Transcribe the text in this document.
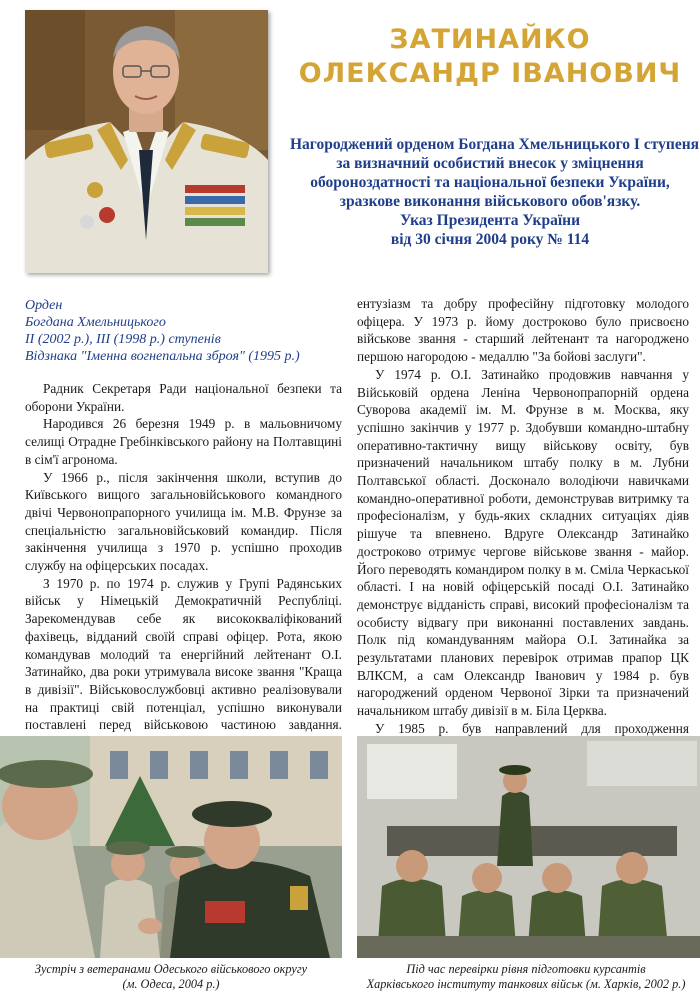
ЗАТИНАЙКО
ОЛЕКСАНДР ІВАНОВИЧ
Нагороджений орденом Богдана Хмельницького I ступеня
за визначний особистий внесок у зміцнення
обороноздатності та національної безпеки України,
зразкове виконання військового обов'язку.
Указ Президента України
від 30 січня 2004 року № 114
Орден
Богдана Хмельницького
II (2002 р.), III (1998 р.) ступенів
Відзнака "Іменна вогнепальна зброя" (1995 р.)

Радник Секретаря Ради національної безпеки та оборони України.

Народився 26 березня 1949 р. в мальовничому селищі Отрадне Гребінківського району на Полтавщині в сім'ї агронома.

У 1966 р., після закінчення школи, вступив до Київського вищого загальновійськового командного двічі Червонопрапорного училища ім. М.В. Фрунзе за спеціальністю загальновійськовий командир. Після закінчення училища з 1970 р. успішно проходив службу на офіцерських посадах.

З 1970 р. по 1974 р. служив у Групі Радянських військ у Німецькій Демократичній Республіці. Зарекомендував себе як висококваліфікований фахівець, відданий своїй справі офіцер. Рота, якою командував молодий та енергійний лейтенант О.І. Затинайко, два роки утримувала високе звання "Краща в дивізії". Військовослужбовці активно реалізовували на практиці свій потенціал, успішно виконували поставлені перед військовою частиною завдання.

ентузіазм та добру професійну підготовку молодого офіцера. У 1973 р. йому достроково було присвоєно військове звання - старший лейтенант та нагороджено першою нагородою - медаллю "За бойові заслуги".

У 1974 р. О.І. Затинайко продовжив навчання у Військовій ордена Леніна Червонопрапорній ордена Суворова академії ім. М. Фрунзе в м. Москва, яку успішно закінчив у 1977 р. Здобувши командно-штабну оперативно-тактичну вищу військову освіту, був призначений начальником штабу полку в м. Лубни Полтавської області. Досконало володіючи навичками командно-оперативної роботи, демонстрував витримку та професіоналізм, у будь-яких складних ситуаціях діяв рішуче та впевнено. Вдруге Олександр Затинайко достроково отримує чергове військове звання - майор. Його переводять командиром полку в м. Сміла Черкаської області. І на новій офіцерській посаді О.І. Затинайко демонструє відданість справі, високий професіоналізм та особисту відвагу при виконанні поставлених завдань. Полк під командуванням майора О.І. Затинайка за результатами планових перевірок отримав прапор ЦК ВЛКСМ, а сам Олександр Іванович у 1984 р. був нагороджений орденом Червоної Зірки та призначений начальником штабу дивізії в м. Біла Церква.

У 1985 р. був направлений для проходження

Зустріч з ветеранами Одеського військового округу
(м. Одеса, 2004 р.)
Під час перевірки рівня підготовки курсантів
Харківського інституту танкових військ (м. Харків, 2002 р.)
